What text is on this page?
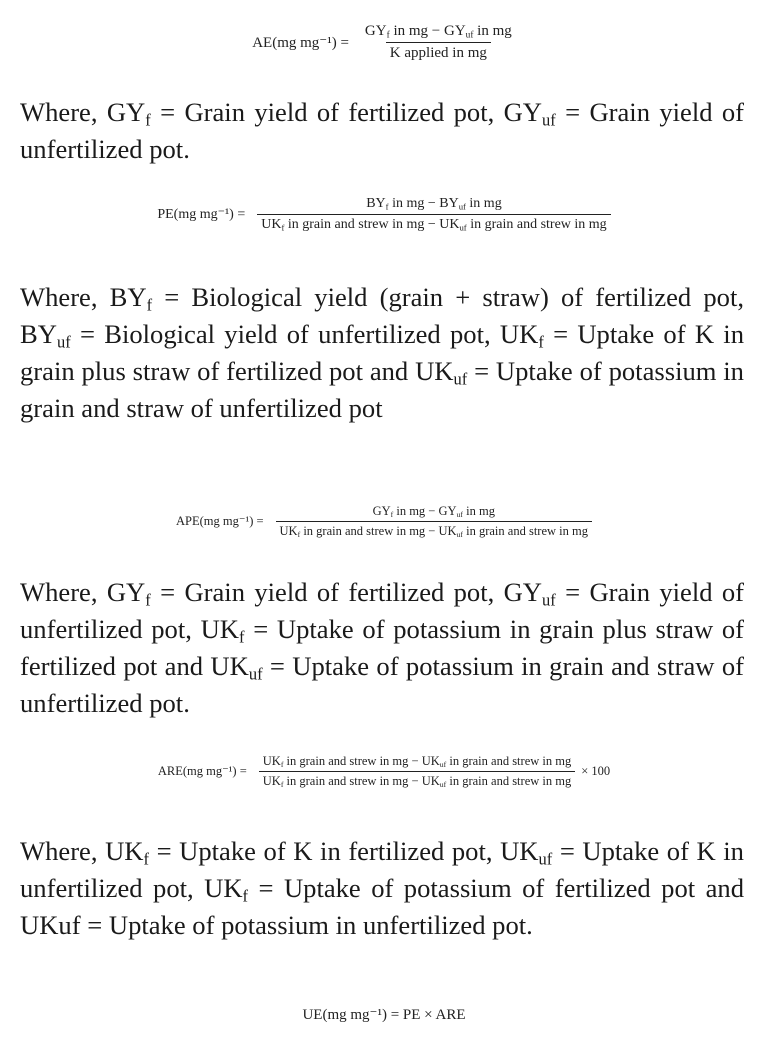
AE(mg $mg^{-1}) = \frac{GY_f in mg - GY_{uf} in mg}{\text{K applied in mg}}$
Where, $GY_f$ = Grain yield of fertilized pot, $GY_{uf}$ = Grain yield of unfertilized pot.
PE(mg $mg^{-1}) = \frac{BY_f in mg - BY_{uf} in mg}{UK_f in grain and strew in mg - UK_{uf} in grain and strew in mg}$
Where, $BY_f$ = Biological yield (grain + straw) of fertilized pot, $BY_{uf}$ = Biological yield of unfertilized pot, $UK_f$ = Uptake of K in grain plus straw of fertilized pot and $UK_{uf}$ = Uptake of potassium in grain and straw of unfertilized pot
APE(mg $mg^{-1}) = \frac{GY_f in mg - GY_{uf} in mg}{UK_f in grain and strew in mg - UK_{uf} in grain and strew in mg}$
Where, $GY_f$ = Grain yield of fertilized pot, $GY_{uf}$ = Grain yield of unfertilized pot, $UK_f$ = Uptake of potassium in grain plus straw of fertilized pot and $UK_{uf}$ = Uptake of potassium in grain and straw of unfertilized pot.
ARE(mg $mg^{-1}) = \frac{UK_f in grain and strew in mg - UK_{uf} in grain and strew in mg}{UK_f in grain and strew in mg - UK_{uf} in grain and strew in mg} \times 100$
Where, $UK_f$ = Uptake of K in fertilized pot, $UK_{uf}$ = Uptake of K in unfertilized pot, $UK_f$ = Uptake of potassium of fertilized pot and UKuf = Uptake of potassium in unfertilized pot.
UE(mg mg⁻¹) = PE × ARE
